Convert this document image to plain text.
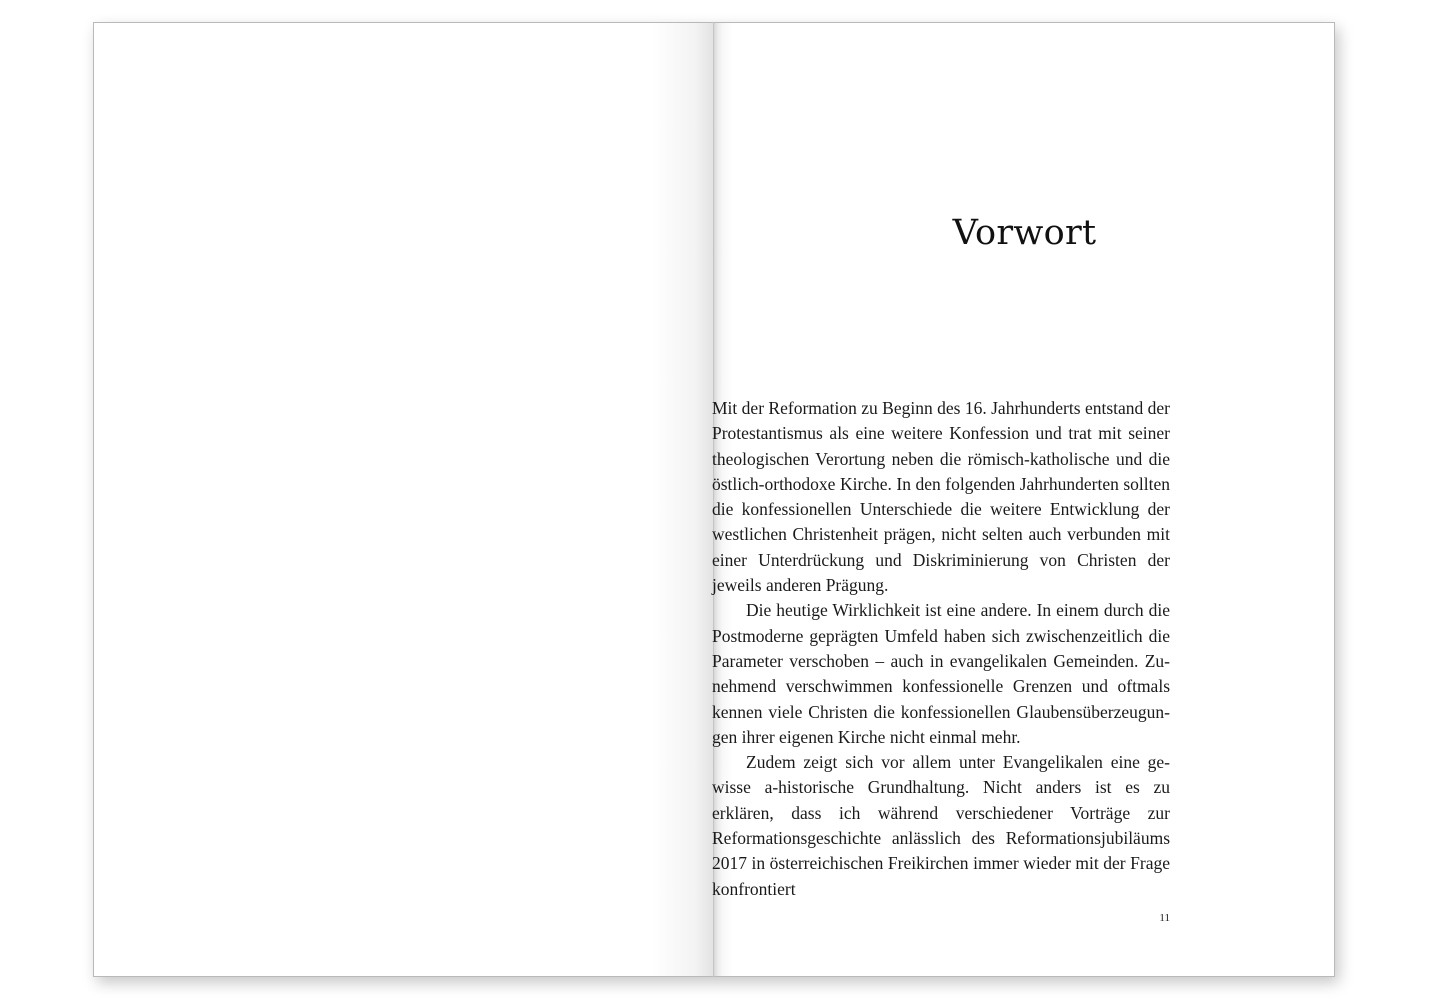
Vorwort

Mit der Reformation zu Beginn des 16. Jahrhunderts entstand der Protestantismus als eine weitere Konfession und trat mit seiner theologischen Verortung neben die römisch-katholische und die östlich-orthodoxe Kirche. In den folgenden Jahrhunderten sollten die konfessionellen Unterschiede die weitere Entwicklung der westlichen Christenheit prägen, nicht selten auch verbunden mit einer Unterdrückung und Diskriminierung von Christen der jeweils anderen Prägung.

Die heutige Wirklichkeit ist eine andere. In einem durch die Postmoderne geprägten Umfeld haben sich zwischenzeitlich die Parameter verschoben – auch in evangelikalen Gemeinden. Zunehmend verschwimmen konfessionelle Grenzen und oftmals kennen viele Christen die konfessionellen Glaubensüberzeugungen ihrer eigenen Kirche nicht einmal mehr.

Zudem zeigt sich vor allem unter Evangelikalen eine gewisse a-historische Grundhaltung. Nicht anders ist es zu erklären, dass ich während verschiedener Vorträge zur Reformationsgeschichte anlässlich des Reformationsjubiläums 2017 in österreichischen Freikirchen immer wieder mit der Frage konfrontiert

11
